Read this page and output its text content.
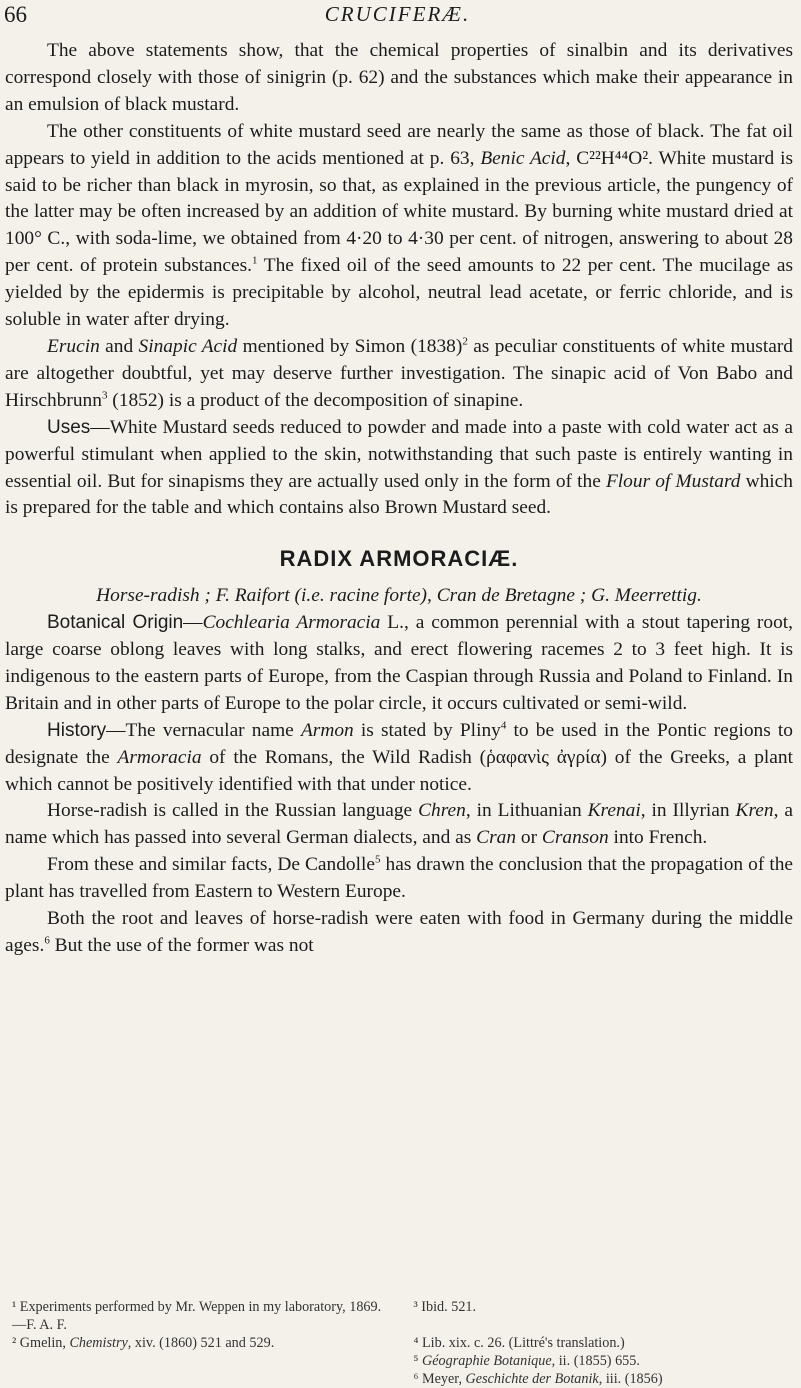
66	CRUCIFERÆ.

The above statements show, that the chemical properties of sinalbin and its derivatives correspond closely with those of sinigrin (p. 62) and the substances which make their appearance in an emulsion of black mustard.

The other constituents of white mustard seed are nearly the same as those of black. The fat oil appears to yield in addition to the acids mentioned at p. 63, Benic Acid, C²²H⁴⁴O². White mustard is said to be richer than black in myrosin, so that, as explained in the previous article, the pungency of the latter may be often increased by an addition of white mustard. By burning white mustard dried at 100° C., with soda-lime, we obtained from 4·20 to 4·30 per cent. of nitrogen, answering to about 28 per cent. of protein substances.$^1$ The fixed oil of the seed amounts to 22 per cent. The mucilage as yielded by the epidermis is precipitable by alcohol, neutral lead acetate, or ferric chloride, and is soluble in water after drying.

Erucin and Sinapic Acid mentioned by Simon $(1838)^2$ as peculiar constituents of white mustard are altogether doubtful, yet may deserve further investigation. The sinapic acid of Von Babo and Hirschbrunn$^3$ (1852) is a product of the decomposition of sinapine.

Uses—White Mustard seeds reduced to powder and made into a paste with cold water act as a powerful stimulant when applied to the skin, notwithstanding that such paste is entirely wanting in essential oil. But for sinapisms they are actually used only in the form of the Flour of Mustard which is prepared for the table and which contains also Brown Mustard seed.

RADIX ARMORACIÆ.

Horse-radish ; F. Raifort (i.e. racine forte), Cran de Bretagne ; G. Meerrettig.

Botanical Origin—Cochlearia Armoracia L., a common perennial with a stout tapering root, large coarse oblong leaves with long stalks, and erect flowering racemes 2 to 3 feet high. It is indigenous to the eastern parts of Europe, from the Caspian through Russia and Poland to Finland. In Britain and in other parts of Europe to the polar circle, it occurs cultivated or semi-wild.

History—The vernacular name Armon is stated by Pliny$^4$ to be used in the Pontic regions to designate the Armoracia of the Romans, the Wild Radish (ῥαφανὶς ἀγρία) of the Greeks, a plant which cannot be positively identified with that under notice.

Horse-radish is called in the Russian language Chren, in Lithuanian Krenai, in Illyrian Kren, a name which has passed into several German dialects, and as Cran or Cranson into French.

From these and similar facts, De Candolle$^5$ has drawn the conclusion that the propagation of the plant has travelled from Eastern to Western Europe.

Both the root and leaves of horse-radish were eaten with food in Germany during the middle ages.$^6$ But the use of the former was not

¹ Experiments performed by Mr. Weppen in my laboratory, 1869.—F. A. F.
³ Ibid. 521.
² Gmelin, Chemistry, xiv. (1860) 521 and 529.	⁴ Lib. xix. c. 26. (Littré's translation.)
⁵ Géographie Botanique, ii. (1855) 655.
⁶ Meyer, Geschichte der Botanik, iii. (1856)
